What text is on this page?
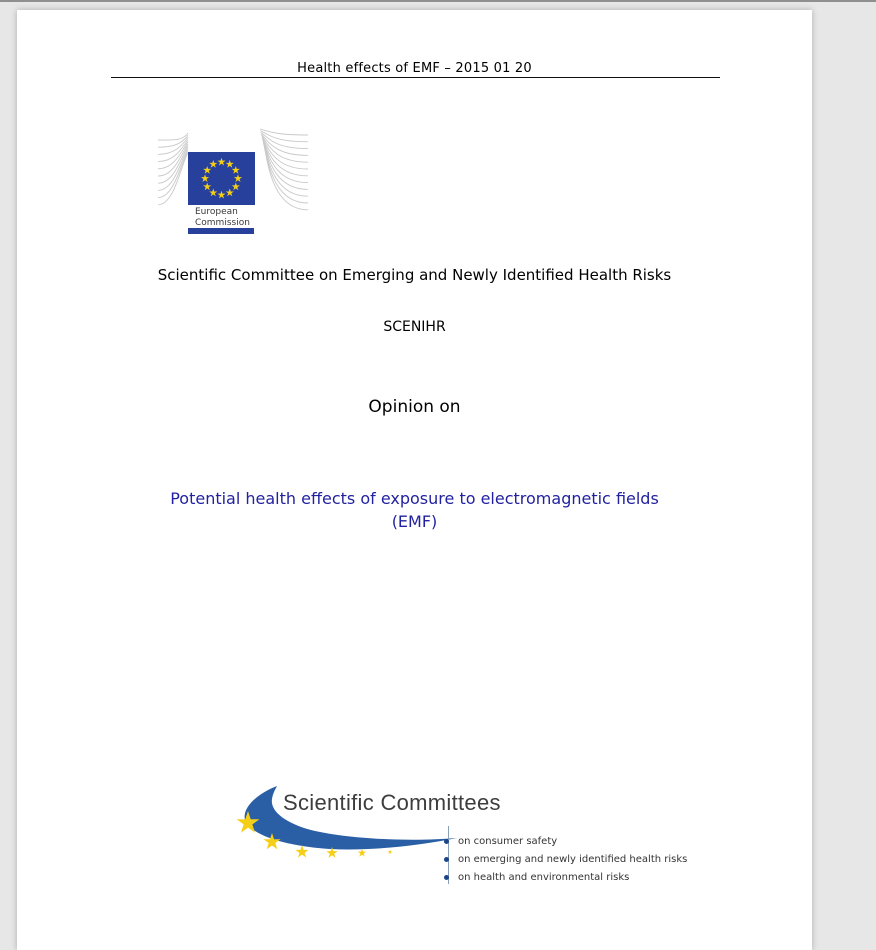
Health effects of EMF – 2015 01 20
European
Commission
Scientific Committee on Emerging and Newly Identified Health Risks
SCENIHR
Opinion on
Potential health effects of exposure to electromagnetic fields
(EMF)
Scientific Committees
on consumer safety
on emerging and newly identified health risks
on health and environmental risks
